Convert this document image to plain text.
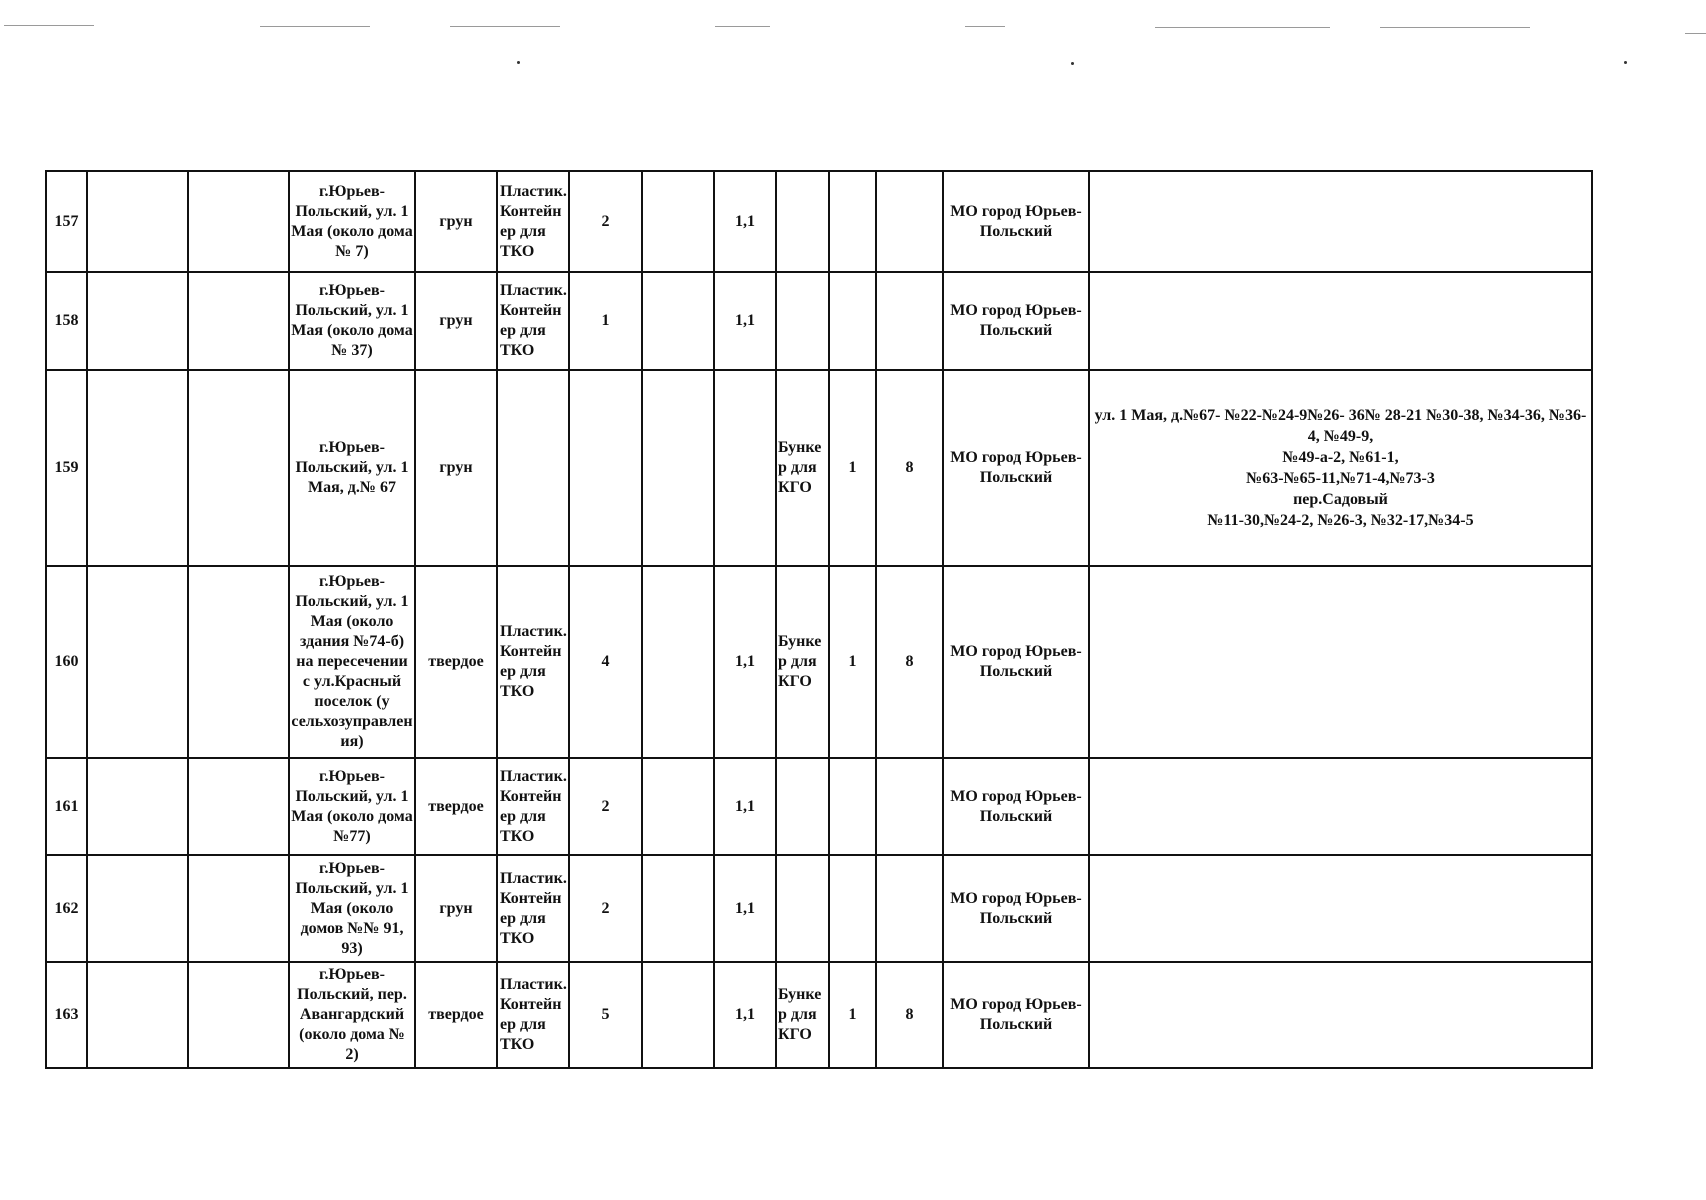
157			г.Юрьев-Польский, ул. 1 Мая (около дома № 7)	грун	Пластик. Контейнер для ТКО	2		1,1				МО город Юрьев-Польский	
158			г.Юрьев-Польский, ул. 1 Мая (около дома № 37)	грун	Пластик. Контейнер для ТКО	1		1,1				МО город Юрьев-Польский	
159			г.Юрьев-Польский, ул. 1 Мая, д.№ 67	грун					Бункер для КГО	1	8	МО город Юрьев-Польский	ул. 1 Мая, д.№67- №22-№24-9№26- 36№ 28-21 №30-38, №34-36, №36-4, №49-9,
№49-а-2, №61-1,
№63-№65-11,№71-4,№73-3
пер.Садовый
№11-30,№24-2, №26-3, №32-17,№34-5

160			г.Юрьев-Польский, ул. 1 Мая (около здания №74-б) на пересечении с ул.Красный поселок (у сельхозуправления)	твердое	Пластик. Контейнер для ТКО	4		1,1	Бункер для КГО	1	8	МО город Юрьев-Польский	
161			г.Юрьев-Польский, ул. 1 Мая (около дома №77)	твердое	Пластик. Контейнер для ТКО	2		1,1				МО город Юрьев-Польский	
162			г.Юрьев-Польский, ул. 1 Мая (около домов №№ 91, 93)	грун	Пластик. Контейнер для ТКО	2		1,1				МО город Юрьев-Польский	
163			г.Юрьев-Польский, пер. Авангардский (около дома № 2)	твердое	Пластик. Контейнер для ТКО	5		1,1	Бункер для КГО	1	8	МО город Юрьев-Польский	
